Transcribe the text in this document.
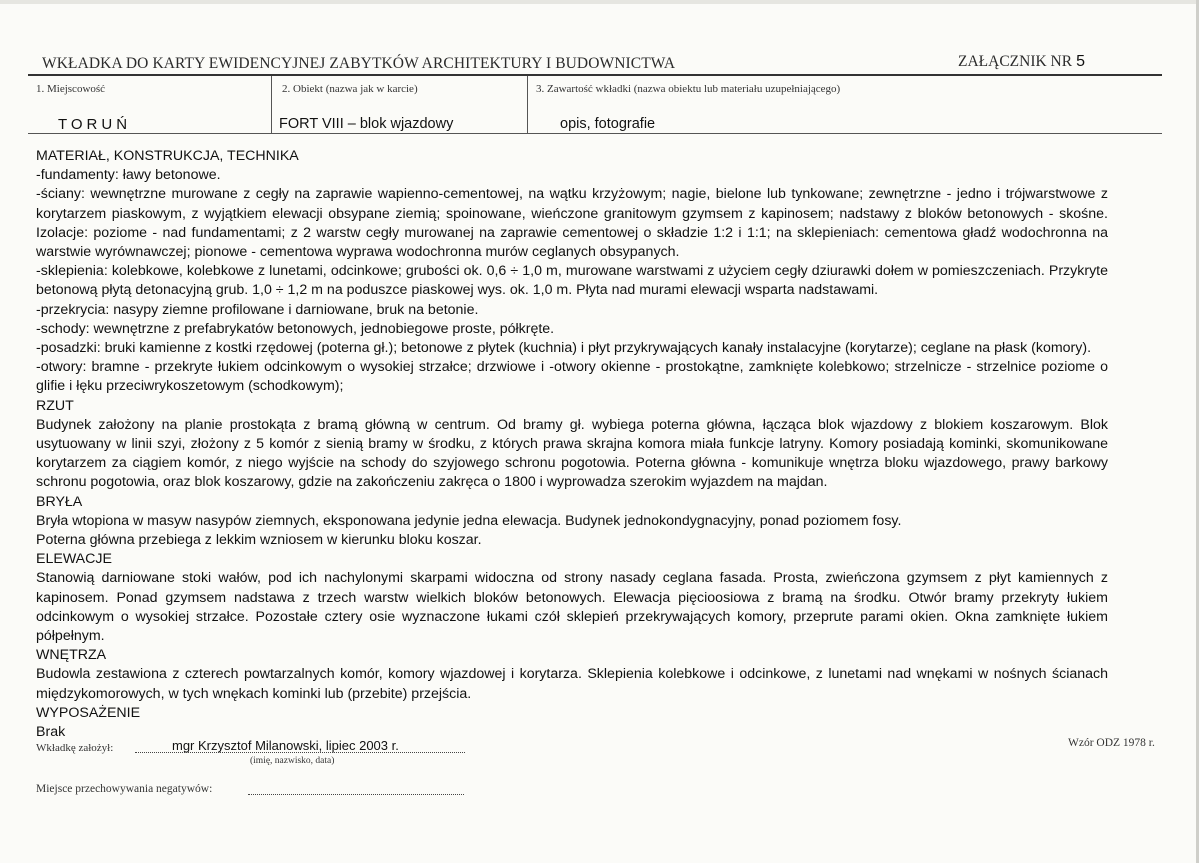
WKŁADKA DO KARTY EWIDENCYJNEJ ZABYTKÓW ARCHITEKTURY I BUDOWNICTWA	ZAŁĄCZNIK NR 5
1. Miejscowość	2. Obiekt (nazwa jak w karcie)	3. Zawartość wkładki (nazwa obiektu lub materiału uzupełniającego)
TORUŃ	FORT VIII – blok wjazdowy	opis, fotografie

MATERIAŁ, KONSTRUKCJA, TECHNIKA

-fundamenty: ławy betonowe.

-ściany: wewnętrzne murowane z cegły na zaprawie wapienno-cementowej, na wątku krzyżowym; nagie, bielone lub tynkowane; zewnętrzne - jedno i trójwarstwowe z korytarzem piaskowym, z wyjątkiem elewacji obsypane ziemią; spoinowane, wieńczone granitowym gzymsem z kapinosem; nadstawy z bloków betonowych - skośne. Izolacje: poziome - nad fundamentami; z 2 warstw cegły murowanej na zaprawie cementowej o składzie 1:2 i 1:1; na sklepieniach: cementowa gładź wodochronna na warstwie wyrównawczej; pionowe - cementowa wyprawa wodochronna murów ceglanych obsypanych.

-sklepienia: kolebkowe, kolebkowe z lunetami, odcinkowe; grubości ok. 0,6 ÷ 1,0 m, murowane warstwami z użyciem cegły dziurawki dołem w pomieszczeniach. Przykryte betonową płytą detonacyjną grub. 1,0 ÷ 1,2 m na poduszce piaskowej wys. ok. 1,0 m. Płyta nad murami elewacji wsparta nadstawami.

-przekrycia: nasypy ziemne profilowane i darniowane, bruk na betonie.

-schody: wewnętrzne z prefabrykatów betonowych, jednobiegowe proste, półkręte.

-posadzki: bruki kamienne z kostki rzędowej (poterna gł.); betonowe z płytek (kuchnia) i płyt przykrywających kanały instalacyjne (korytarze); ceglane na płask (komory).

-otwory: bramne - przekryte łukiem odcinkowym o wysokiej strzałce; drzwiowe i -otwory okienne - prostokątne, zamknięte kolebkowo; strzelnicze - strzelnice poziome o glifie i łęku przeciwrykoszetowym (schodkowym);

RZUT

Budynek założony na planie prostokąta z bramą główną w centrum. Od bramy gł. wybiega poterna główna, łącząca blok wjazdowy z blokiem koszarowym. Blok usytuowany w linii szyi, złożony z 5 komór z sienią bramy w środku, z których prawa skrajna komora miała funkcje latryny. Komory posiadają kominki, skomunikowane korytarzem za ciągiem komór, z niego wyjście na schody do szyjowego schronu pogotowia. Poterna główna - komunikuje wnętrza bloku wjazdowego, prawy barkowy schronu pogotowia, oraz blok koszarowy, gdzie na zakończeniu zakręca o 1800 i wyprowadza szerokim wyjazdem na majdan.

BRYŁA

Bryła wtopiona w masyw nasypów ziemnych, eksponowana jedynie jedna elewacja. Budynek jednokondygnacyjny, ponad poziomem fosy.

Poterna główna przebiega z lekkim wzniosem w kierunku bloku koszar.

ELEWACJE

Stanowią darniowane stoki wałów, pod ich nachylonymi skarpami widoczna od strony nasady ceglana fasada. Prosta, zwieńczona gzymsem z płyt kamiennych z kapinosem. Ponad gzymsem nadstawa z trzech warstw wielkich bloków betonowych. Elewacja pięcioosiowa z bramą na środku. Otwór bramy przekryty łukiem odcinkowym o wysokiej strzałce. Pozostałe cztery osie wyznaczone łukami czół sklepień przekrywających komory, przeprute parami okien. Okna zamknięte łukiem półpełnym.

WNĘTRZA

Budowla zestawiona z czterech powtarzalnych komór, komory wjazdowej i korytarza. Sklepienia kolebkowe i odcinkowe, z lunetami nad wnękami w nośnych ścianach międzykomorowych, w tych wnękach kominki lub (przebite) przejścia.

WYPOSAŻENIE

Brak

Wkładkę założył:	mgr Krzysztof Milanowski, lipiec 2003 r.
(imię, nazwisko, data)
Wzór ODZ 1978 r.
Miejsce przechowywania negatywów:
